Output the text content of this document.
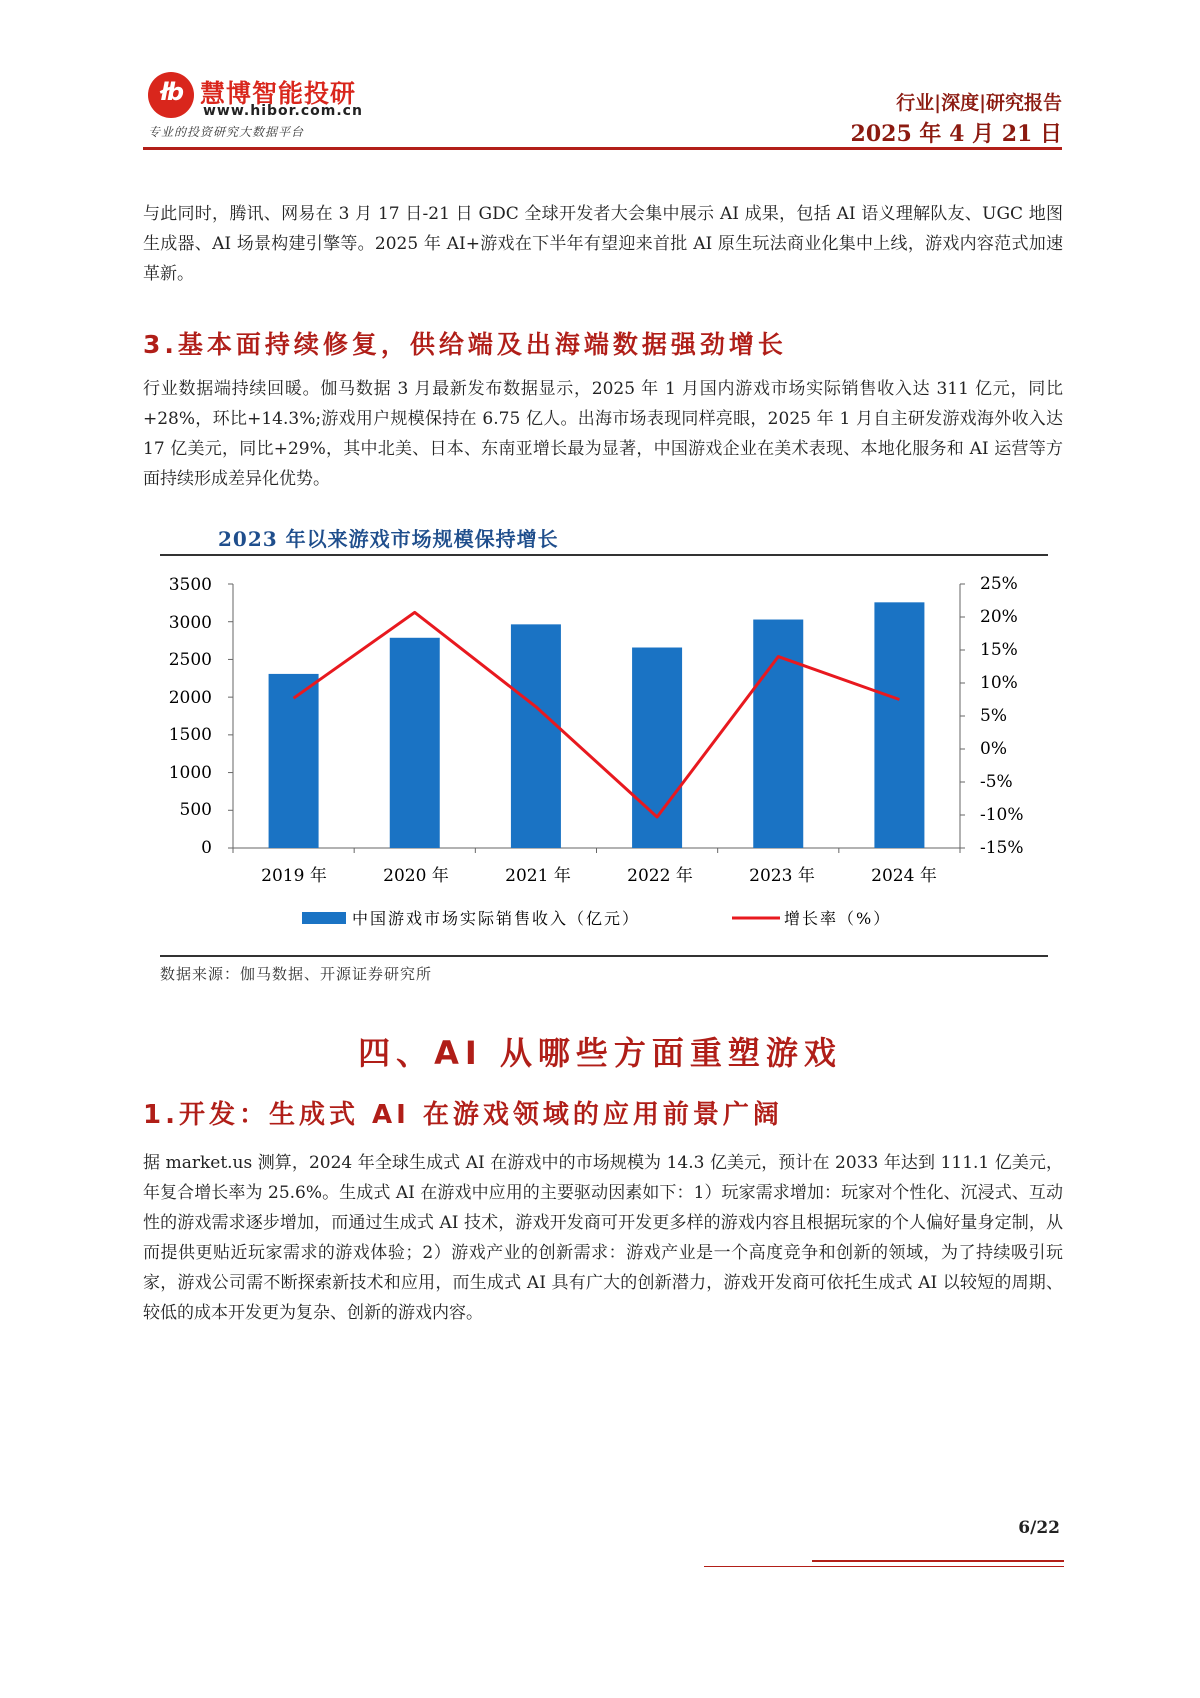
łb 慧博智能投研
www.hibor.com.cn
专业的投资研究大数据平台
行业|深度|研究报告
2025 年 4 月 21 日
与此同时，腾讯、网易在 3 月 17 日-21 日 GDC 全球开发者大会集中展示 AI 成果，包括 AI 语义理解队友、UGC 地图生成器、AI 场景构建引擎等。2025 年 AI+游戏在下半年有望迎来首批 AI 原生玩法商业化集中上线，游戏内容范式加速革新。
3.基本面持续修复，供给端及出海端数据强劲增长
行业数据端持续回暖。伽马数据 3 月最新发布数据显示，2025 年 1 月国内游戏市场实际销售收入达 311 亿元，同比+28%，环比+14.3%;游戏用户规模保持在 6.75 亿人。出海市场表现同样亮眼，2025 年 1 月自主研发游戏海外收入达 17 亿美元，同比+29%，其中北美、日本、东南亚增长最为显著，中国游戏企业在美术表现、本地化服务和 AI 运营等方面持续形成差异化优势。
2023 年以来游戏市场规模保持增长
3500
3000
2500
2000
1500
1000
500
0
25%
20%
15%
10%
5%
0%
-5%
-10%
-15%
2019 年	2020 年	2021 年	2022 年	2023 年	2024 年
中国游戏市场实际销售收入（亿元）	增长率（%）
数据来源：伽马数据、开源证券研究所
四、AI 从哪些方面重塑游戏
1.开发：生成式 AI 在游戏领域的应用前景广阔
据 market.us 测算，2024 年全球生成式 AI 在游戏中的市场规模为 14.3 亿美元，预计在 2033 年达到 111.1 亿美元，年复合增长率为 25.6%。生成式 AI 在游戏中应用的主要驱动因素如下：1）玩家需求增加：玩家对个性化、沉浸式、互动性的游戏需求逐步增加，而通过生成式 AI 技术，游戏开发商可开发更多样的游戏内容且根据玩家的个人偏好量身定制，从而提供更贴近玩家需求的游戏体验；2）游戏产业的创新需求：游戏产业是一个高度竞争和创新的领域，为了持续吸引玩家，游戏公司需不断探索新技术和应用，而生成式 AI 具有广大的创新潜力，游戏开发商可依托生成式 AI 以较短的周期、较低的成本开发更为复杂、创新的游戏内容。
6/22
